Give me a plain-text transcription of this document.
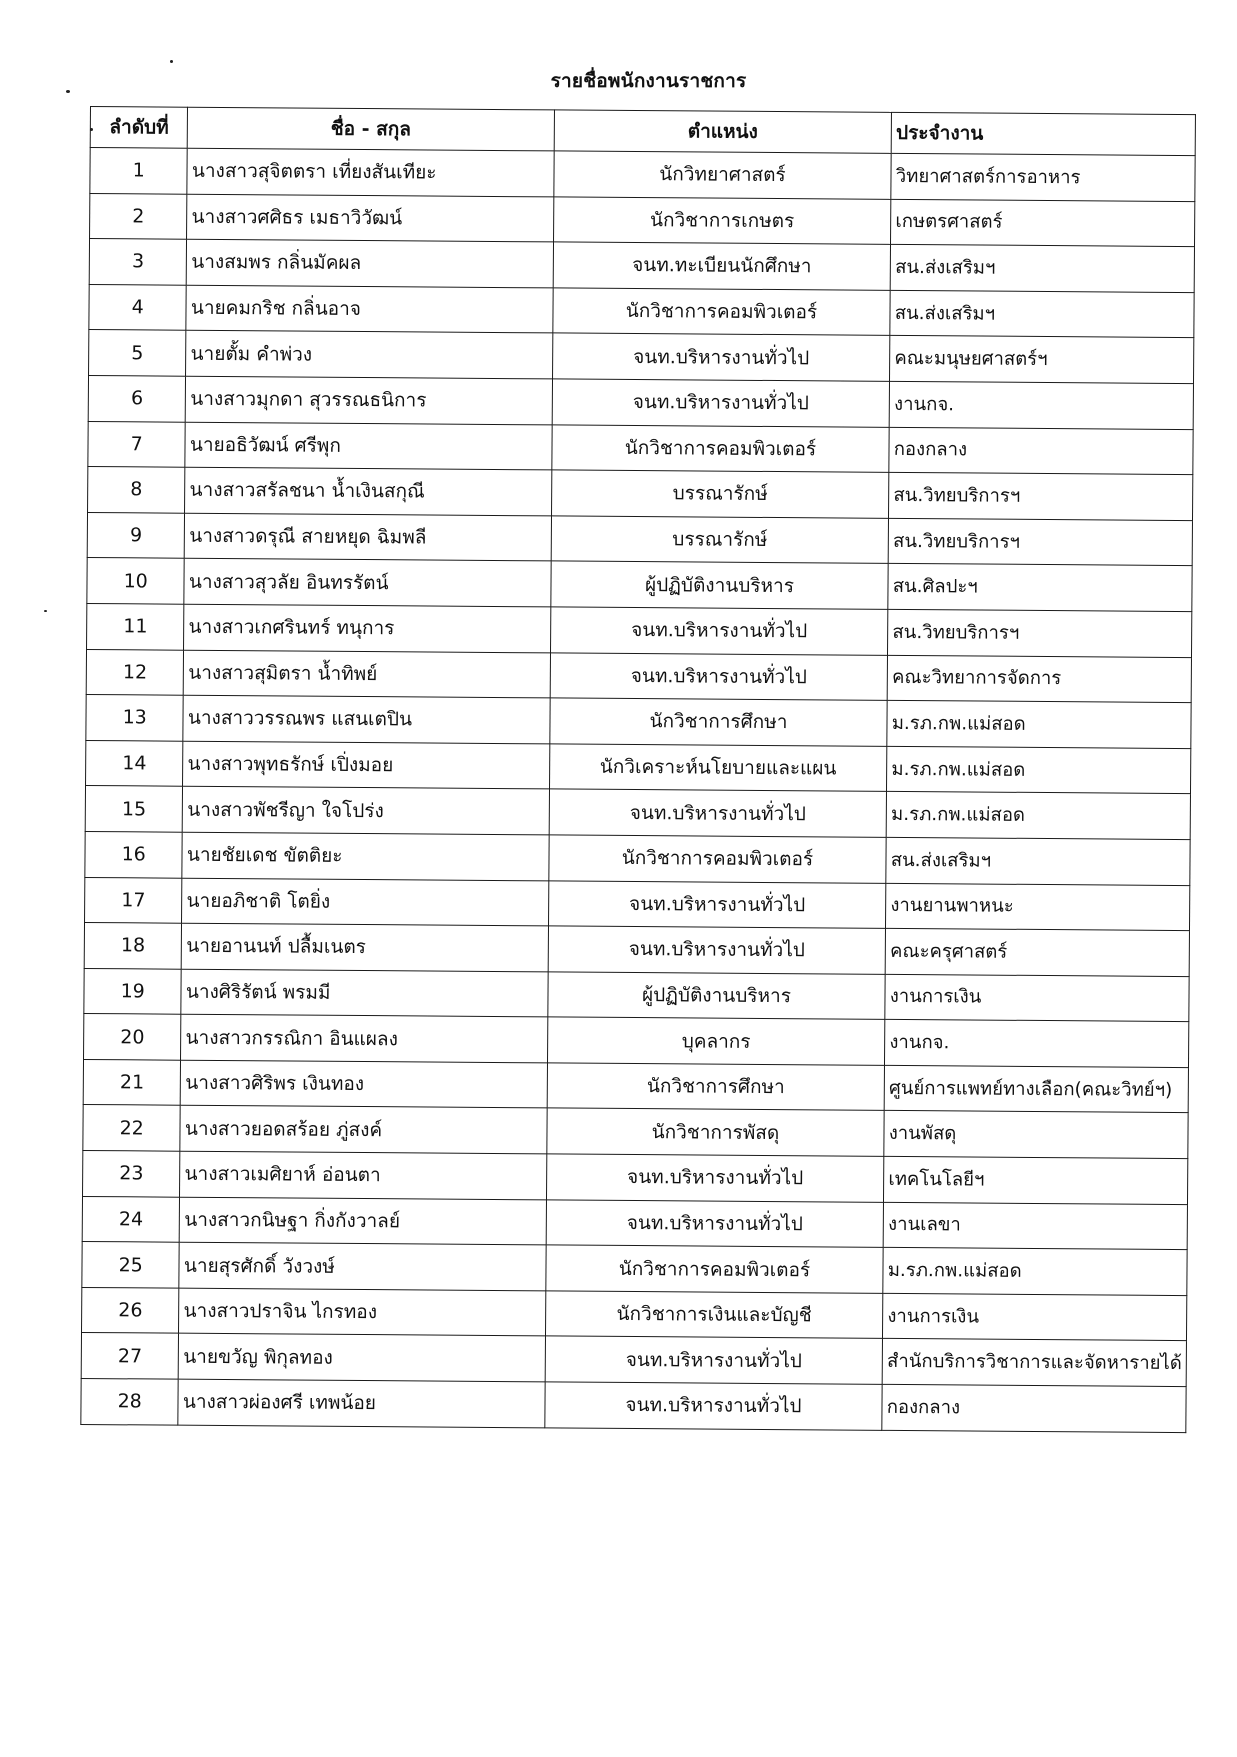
รายชื่อพนักงานราชการ
ลำดับที่	ชื่อ - สกุล	ตำแหน่ง	ประจำงาน
1	นางสาวสุจิตตรา เที่ยงสันเทียะ	นักวิทยาศาสตร์	วิทยาศาสตร์การอาหาร
2	นางสาวศศิธร เมธาวิวัฒน์	นักวิชาการเกษตร	เกษตรศาสตร์
3	นางสมพร กลิ่นมัคผล	จนท.ทะเบียนนักศึกษา	สน.ส่งเสริมฯ
4	นายคมกริช กลิ่นอาจ	นักวิชาการคอมพิวเตอร์	สน.ส่งเสริมฯ
5	นายตั้ม คำพ่วง	จนท.บริหารงานทั่วไป	คณะมนุษยศาสตร์ฯ
6	นางสาวมุกดา สุวรรณธนิการ	จนท.บริหารงานทั่วไป	งานกจ.
7	นายอธิวัฒน์ ศรีพุก	นักวิชาการคอมพิวเตอร์	กองกลาง
8	นางสาวสรัลชนา น้ำเงินสกุณี	บรรณารักษ์	สน.วิทยบริการฯ
9	นางสาวดรุณี สายหยุด ฉิมพลี	บรรณารักษ์	สน.วิทยบริการฯ
10	นางสาวสุวลัย อินทรรัตน์	ผู้ปฏิบัติงานบริหาร	สน.ศิลปะฯ
11	นางสาวเกศรินทร์ ทนุการ	จนท.บริหารงานทั่วไป	สน.วิทยบริการฯ
12	นางสาวสุมิตรา น้ำทิพย์	จนท.บริหารงานทั่วไป	คณะวิทยาการจัดการ
13	นางสาววรรณพร แสนเตปิน	นักวิชาการศึกษา	ม.รภ.กพ.แม่สอด
14	นางสาวพุทธรักษ์ เปิ่งมอย	นักวิเคราะห์นโยบายและแผน	ม.รภ.กพ.แม่สอด
15	นางสาวพัชรีญา ใจโปร่ง	จนท.บริหารงานทั่วไป	ม.รภ.กพ.แม่สอด
16	นายชัยเดช ขัตติยะ	นักวิชาการคอมพิวเตอร์	สน.ส่งเสริมฯ
17	นายอภิชาติ โตยิ่ง	จนท.บริหารงานทั่วไป	งานยานพาหนะ
18	นายอานนท์ ปลื้มเนตร	จนท.บริหารงานทั่วไป	คณะครุศาสตร์
19	นางศิริรัตน์ พรมมี	ผู้ปฏิบัติงานบริหาร	งานการเงิน
20	นางสาวกรรณิกา อินแผลง	บุคลากร	งานกจ.
21	นางสาวศิริพร เงินทอง	นักวิชาการศึกษา	ศูนย์การแพทย์ทางเลือก(คณะวิทย์ฯ)
22	นางสาวยอดสร้อย ภู่สงค์	นักวิชาการพัสดุ	งานพัสดุ
23	นางสาวเมศิยาห์ อ่อนตา	จนท.บริหารงานทั่วไป	เทคโนโลยีฯ
24	นางสาวกนิษฐา กิ่งกังวาลย์	จนท.บริหารงานทั่วไป	งานเลขา
25	นายสุรศักดิ์ วังวงษ์	นักวิชาการคอมพิวเตอร์	ม.รภ.กพ.แม่สอด
26	นางสาวปราจิน ไกรทอง	นักวิชาการเงินและบัญชี	งานการเงิน
27	นายขวัญ พิกุลทอง	จนท.บริหารงานทั่วไป	สำนักบริการวิชาการและจัดหารายได้
28	นางสาวผ่องศรี เทพน้อย	จนท.บริหารงานทั่วไป	กองกลาง
